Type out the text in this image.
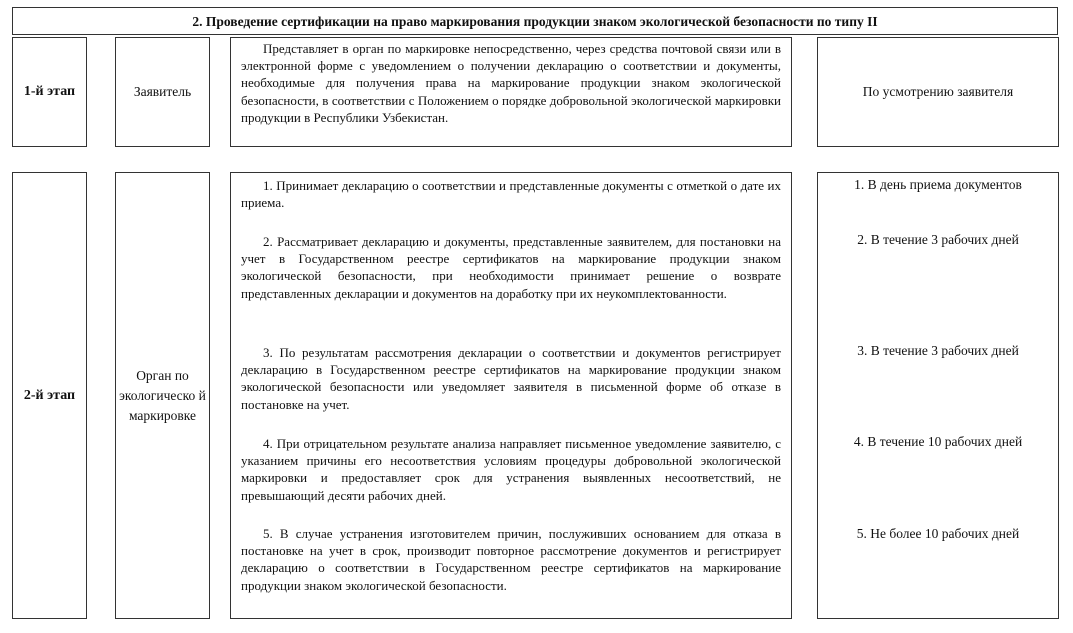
2. Проведение сертификации на право маркирования продукции знаком экологической безопасности по типу II
1-й этап	Заявитель

Представляет в орган по маркировке непосредственно, через средства почтовой связи или в электронной форме с уведомлением о получении декларацию о соответствии и документы, необходимые для получения права на маркирование продукции знаком экологической безопасности, в соответствии с Положением о порядке добровольной экологической маркировки продукции в Республики Узбекистан.

По усмотрению заявителя
2-й этап
Орган по экологическо й маркировке

1. Принимает декларацию о соответствии и представленные документы с отметкой о дате их приема.

2. Рассматривает декларацию и документы, представленные заявителем, для постановки на учет в Государственном реестре сертификатов на маркирование продукции знаком экологической безопасности, при необходимости принимает решение о возврате представленных декларации и документов на доработку при их неукомплектованности.

3. По результатам рассмотрения декларации о соответствии и документов регистрирует декларацию в Государственном реестре сертификатов на маркирование продукции знаком экологической безопасности или уведомляет заявителя в письменной форме об отказе в постановке на учет.

4. При отрицательном результате анализа направляет письменное уведомление заявителю, с указанием причины его несоответствия условиям процедуры добровольной экологической маркировки и предоставляет срок для устранения выявленных несоответствий, не превышающий десяти рабочих дней.

5. В случае устранения изготовителем причин, послуживших основанием для отказа в постановке на учет в срок, производит повторное рассмотрение документов и регистрирует декларацию о соответствии в Государственном реестре сертификатов на маркирование продукции знаком экологической безопасности.

1. В день приема документов
2. В течение 3 рабочих дней
3. В течение 3 рабочих дней
4. В течение 10 рабочих дней
5. Не более 10 рабочих дней
